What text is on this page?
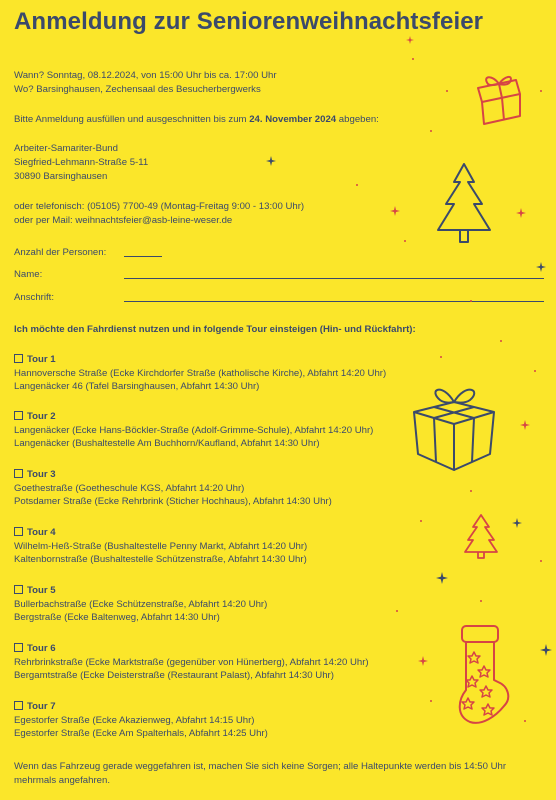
Anmeldung zur Seniorenweihnachtsfeier
Wann? Sonntag, 08.12.2024, von 15:00 Uhr bis ca. 17:00 Uhr
Wo? Barsinghausen, Zechensaal des Besucherbergwerks
Bitte Anmeldung ausfüllen und ausgeschnitten bis zum 24. November 2024 abgeben:
Arbeiter-Samariter-Bund
Siegfried-Lehmann-Straße 5-11
30890 Barsinghausen
oder telefonisch: (05105) 7700-49 (Montag-Freitag 9:00 - 13:00 Uhr)
oder per Mail: weihnachtsfeier@asb-leine-weser.de
Anzahl der Personen:
Name:
Anschrift:
Ich möchte den Fahrdienst nutzen und in folgende Tour einsteigen (Hin- und Rückfahrt):
Tour 1
Hannoversche Straße (Ecke Kirchdorfer Straße (katholische Kirche), Abfahrt 14:20 Uhr)
Langenäcker 46 (Tafel Barsinghausen, Abfahrt 14:30 Uhr)
Tour 2
Langenäcker (Ecke Hans-Böckler-Straße (Adolf-Grimme-Schule), Abfahrt 14:20 Uhr)
Langenäcker (Bushaltestelle Am Buchhorn/Kaufland, Abfahrt 14:30 Uhr)
Tour 3
Goethestraße (Goetheschule KGS, Abfahrt 14:20 Uhr)
Potsdamer Straße (Ecke Rehrbrink (Sticher Hochhaus), Abfahrt 14:30 Uhr)
Tour 4
Wilhelm-Heß-Straße (Bushaltestelle Penny Markt, Abfahrt 14:20 Uhr)
Kaltenbornstraße (Bushaltestelle Schützenstraße, Abfahrt 14:30 Uhr)
Tour 5
Bullerbachstraße (Ecke Schützenstraße, Abfahrt 14:20 Uhr)
Bergstraße (Ecke Baltenweg, Abfahrt 14:30 Uhr)
Tour 6
Rehrbrinkstraße (Ecke Marktstraße (gegenüber von Hünerberg), Abfahrt 14:20 Uhr)
Bergamtstraße (Ecke Deisterstraße (Restaurant Palast), Abfahrt 14:30 Uhr)
Tour 7
Egestorfer Straße (Ecke Akazienweg, Abfahrt 14:15 Uhr)
Egestorfer Straße (Ecke Am Spalterhals, Abfahrt 14:25 Uhr)
Wenn das Fahrzeug gerade weggefahren ist, machen Sie sich keine Sorgen; alle Haltepunkte werden bis 14:50 Uhr
mehrmals angefahren.
